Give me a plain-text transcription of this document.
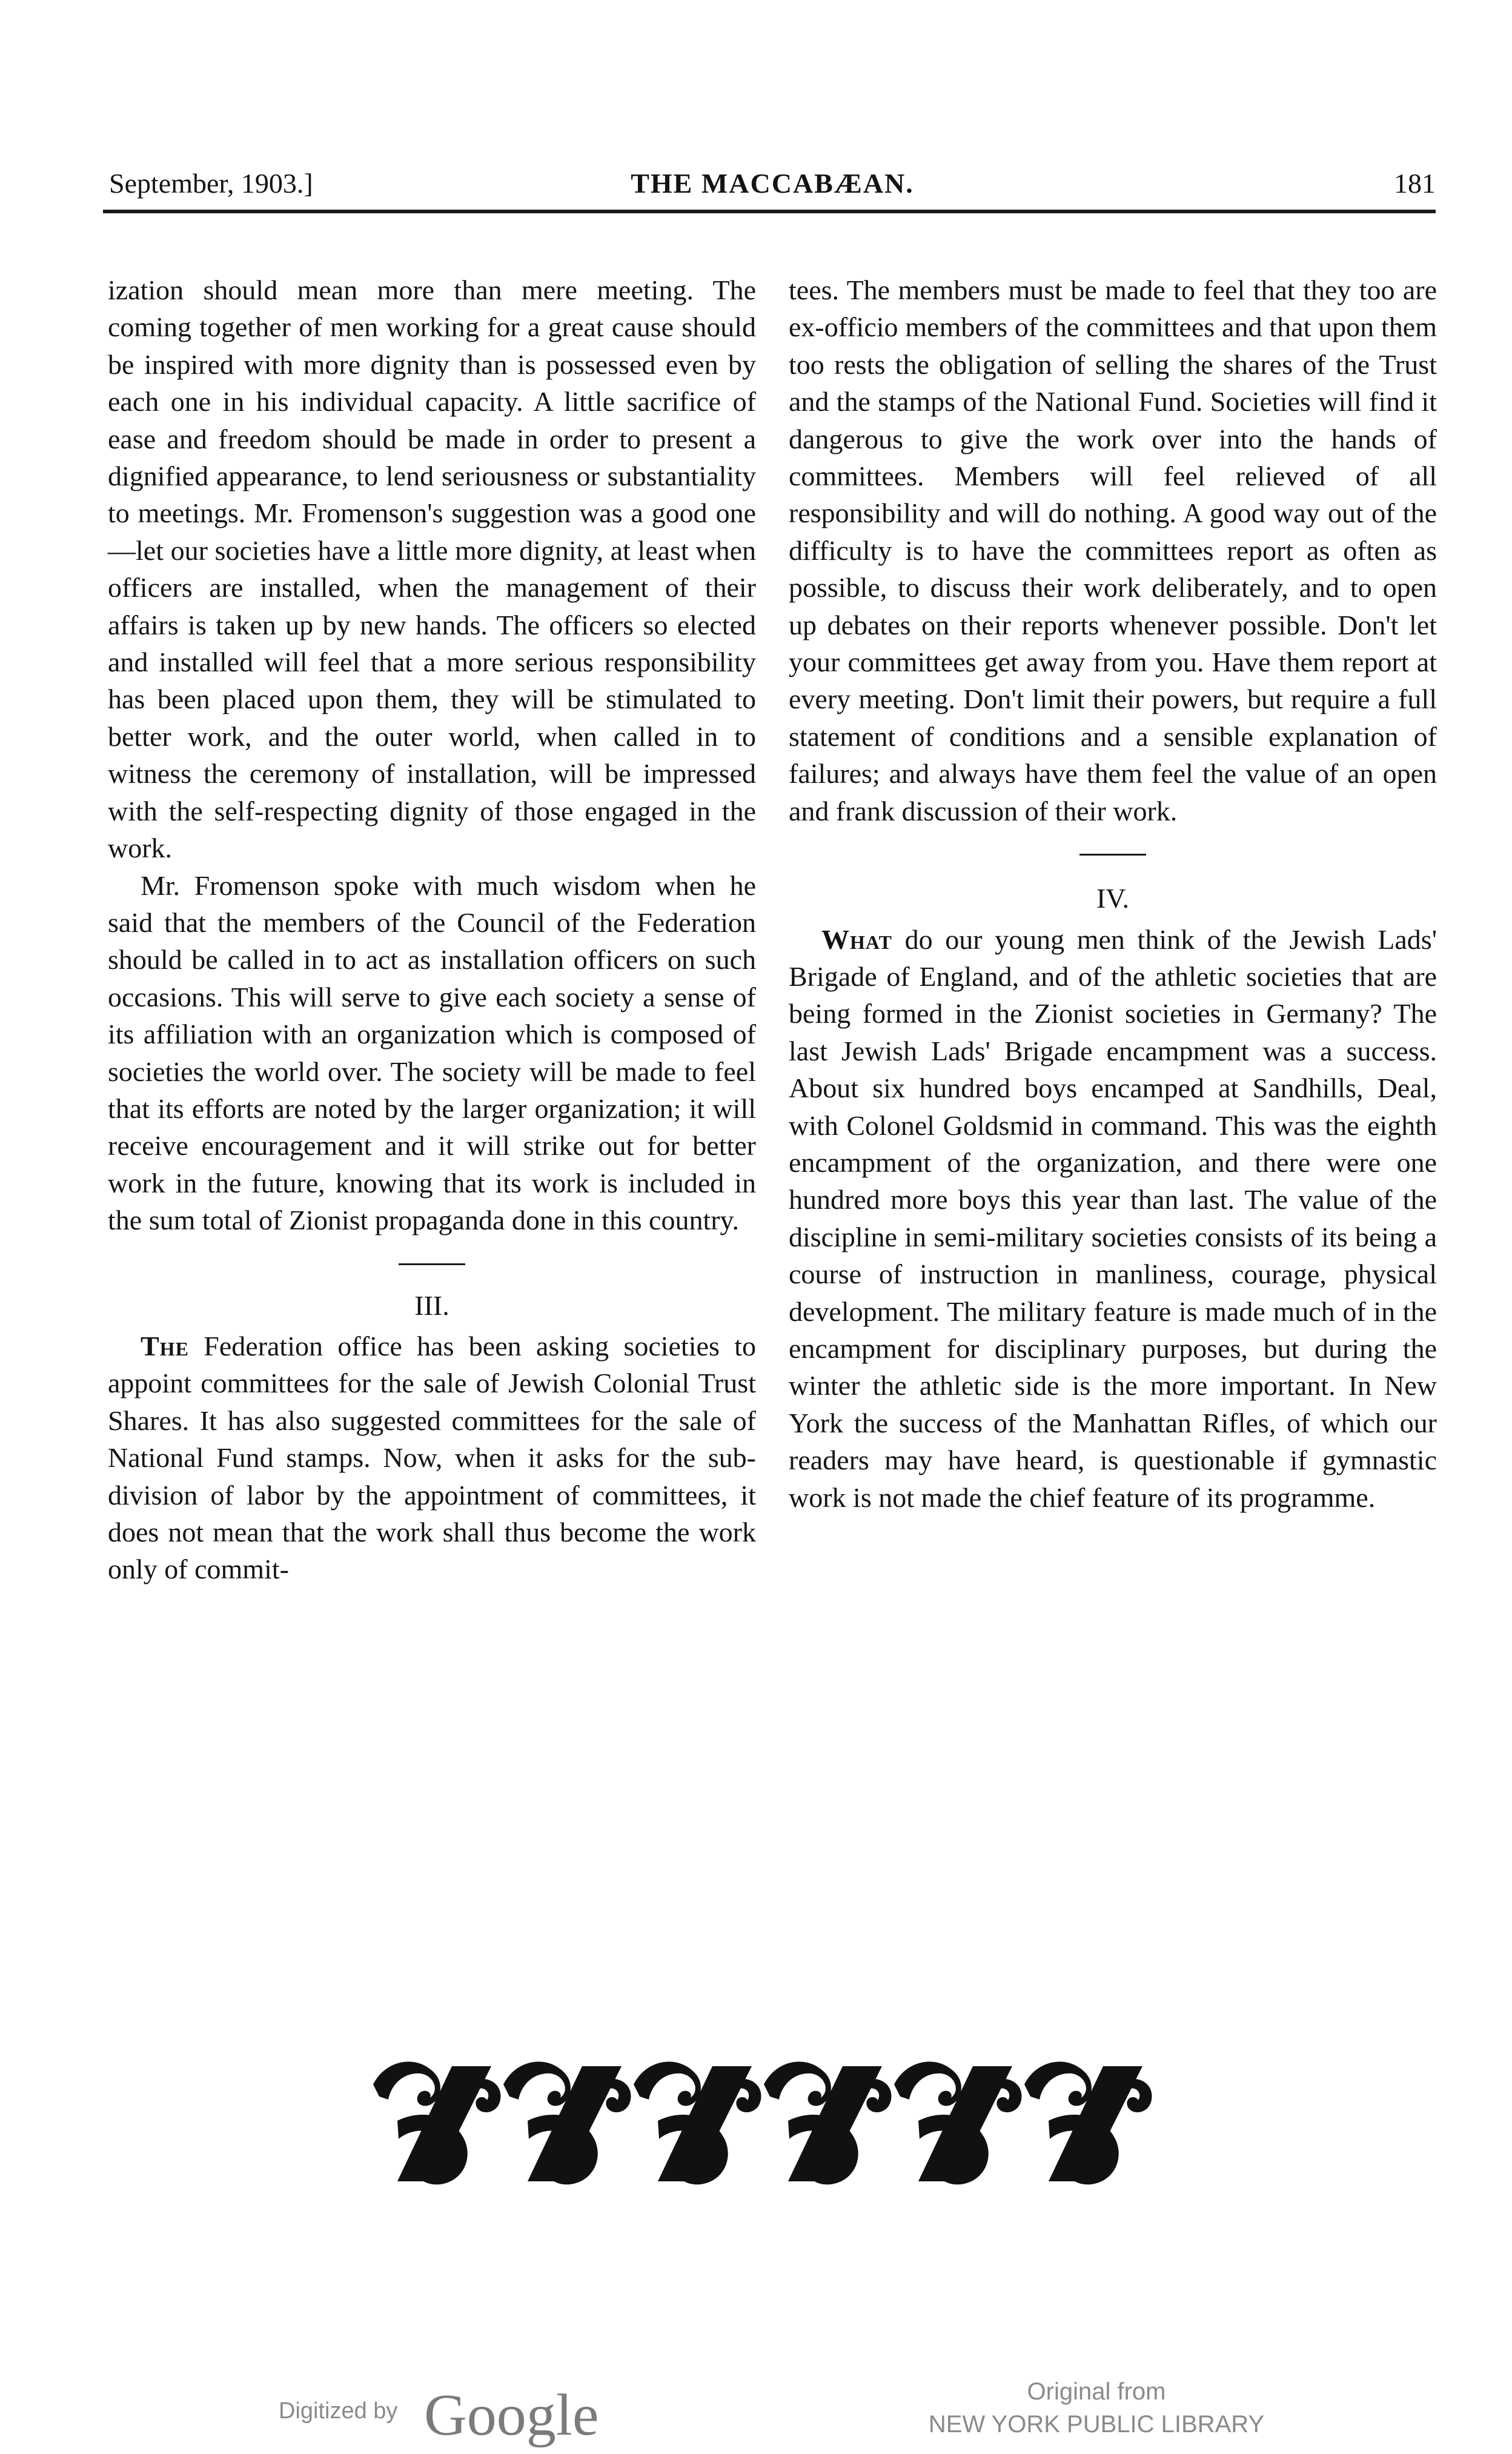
September, 1903.]	THE MACCABÆAN.	181

ization should mean more than mere meeting. The coming together of men working for a great cause should be inspired with more dignity than is possessed even by each one in his individual capacity. A little sacrifice of ease and freedom should be made in order to present a dignified appearance, to lend seriousness or substantiality to meetings. Mr. Fromenson's suggestion was a good one—let our societies have a little more dignity, at least when officers are installed, when the management of their affairs is taken up by new hands. The officers so elected and installed will feel that a more serious responsibility has been placed upon them, they will be stimulated to better work, and the outer world, when called in to witness the ceremony of installation, will be impressed with the self-respecting dignity of those engaged in the work.

Mr. Fromenson spoke with much wisdom when he said that the members of the Council of the Federation should be called in to act as installation officers on such occasions. This will serve to give each society a sense of its affiliation with an organization which is composed of societies the world over. The society will be made to feel that its efforts are noted by the larger organization; it will receive encouragement and it will strike out for better work in the future, knowing that its work is included in the sum total of Zionist propaganda done in this country.

III.

The Federation office has been asking societies to appoint committees for the sale of Jewish Colonial Trust Shares. It has also suggested committees for the sale of National Fund stamps. Now, when it asks for the sub-division of labor by the appointment of committees, it does not mean that the work shall thus become the work only of commit-

tees. The members must be made to feel that they too are ex-officio members of the committees and that upon them too rests the obligation of selling the shares of the Trust and the stamps of the National Fund. Societies will find it dangerous to give the work over into the hands of committees. Members will feel relieved of all responsibility and will do nothing. A good way out of the difficulty is to have the committees report as often as possible, to discuss their work deliberately, and to open up debates on their reports whenever possible. Don't let your committees get away from you. Have them report at every meeting. Don't limit their powers, but require a full statement of conditions and a sensible explanation of failures; and always have them feel the value of an open and frank discussion of their work.

IV.

What do our young men think of the Jewish Lads' Brigade of England, and of the athletic societies that are being formed in the Zionist societies in Germany? The last Jewish Lads' Brigade encampment was a success. About six hundred boys encamped at Sandhills, Deal, with Colonel Goldsmid in command. This was the eighth encampment of the organization, and there were one hundred more boys this year than last. The value of the discipline in semi-military societies consists of its being a course of instruction in manliness, courage, physical development. The military feature is made much of in the encampment for disciplinary purposes, but during the winter the athletic side is the more important. In New York the success of the Manhattan Rifles, of which our readers may have heard, is questionable if gymnastic work is not made the chief feature of its programme.

Digitized by Google	Original from
NEW YORK PUBLIC LIBRARY
